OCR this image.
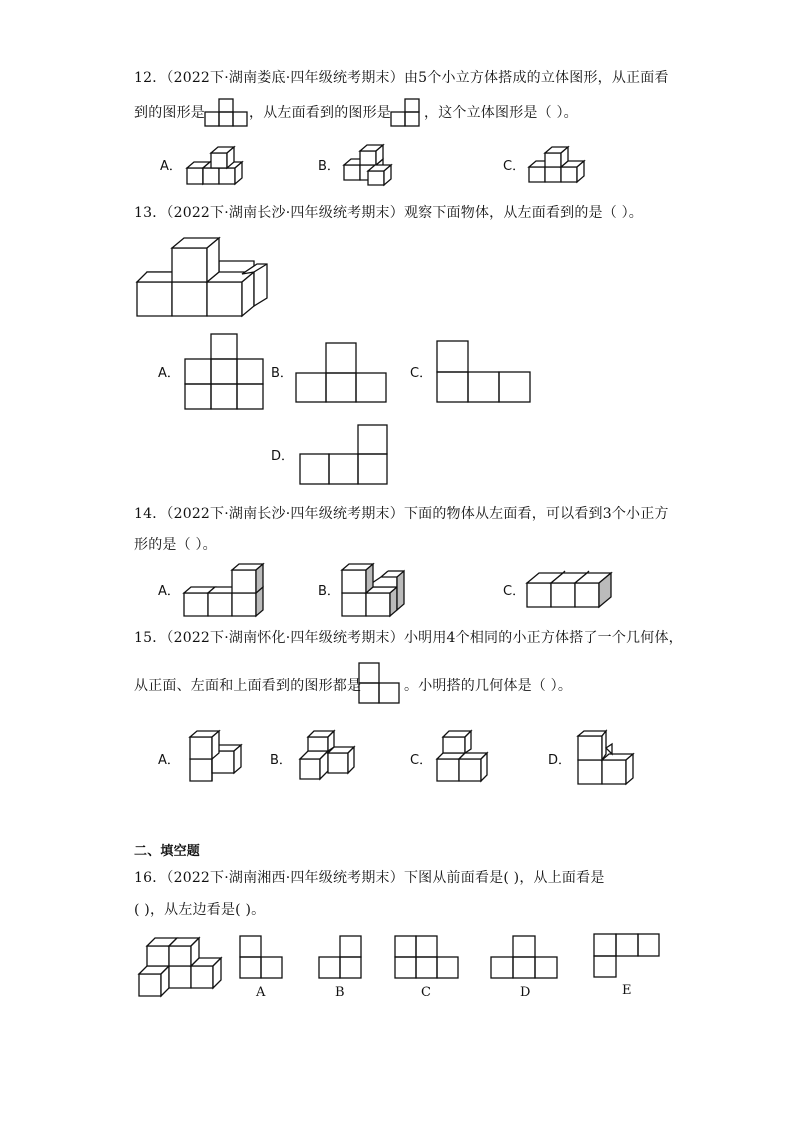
12．（2022下·湖南娄底·四年级统考期末）由5个小立方体搭成的立体图形，从正面看
到的图形是	，从左面看到的图形是 ，这个立体图形是（ ）。
A．	B．	C．
13．（2022下·湖南长沙·四年级统考期末）观察下面物体，从左面看到的是（ ）。
A．	B．	C．
D．
14．（2022下·湖南长沙·四年级统考期末）下面的物体从左面看，可以看到3个小正方
形的是（ ）。
A．	B．	C．
15．（2022下·湖南怀化·四年级统考期末）小明用4个相同的小正方体搭了一个几何体，
从正面、左面和上面看到的图形都是	。小明搭的几何体是（ ）。
A．	B．	C．	D．
二、填空题
16．（2022下·湖南湘西·四年级统考期末）下图从前面看是( )，从上面看是
( )，从左边看是( )。
A	B	C	D	E
